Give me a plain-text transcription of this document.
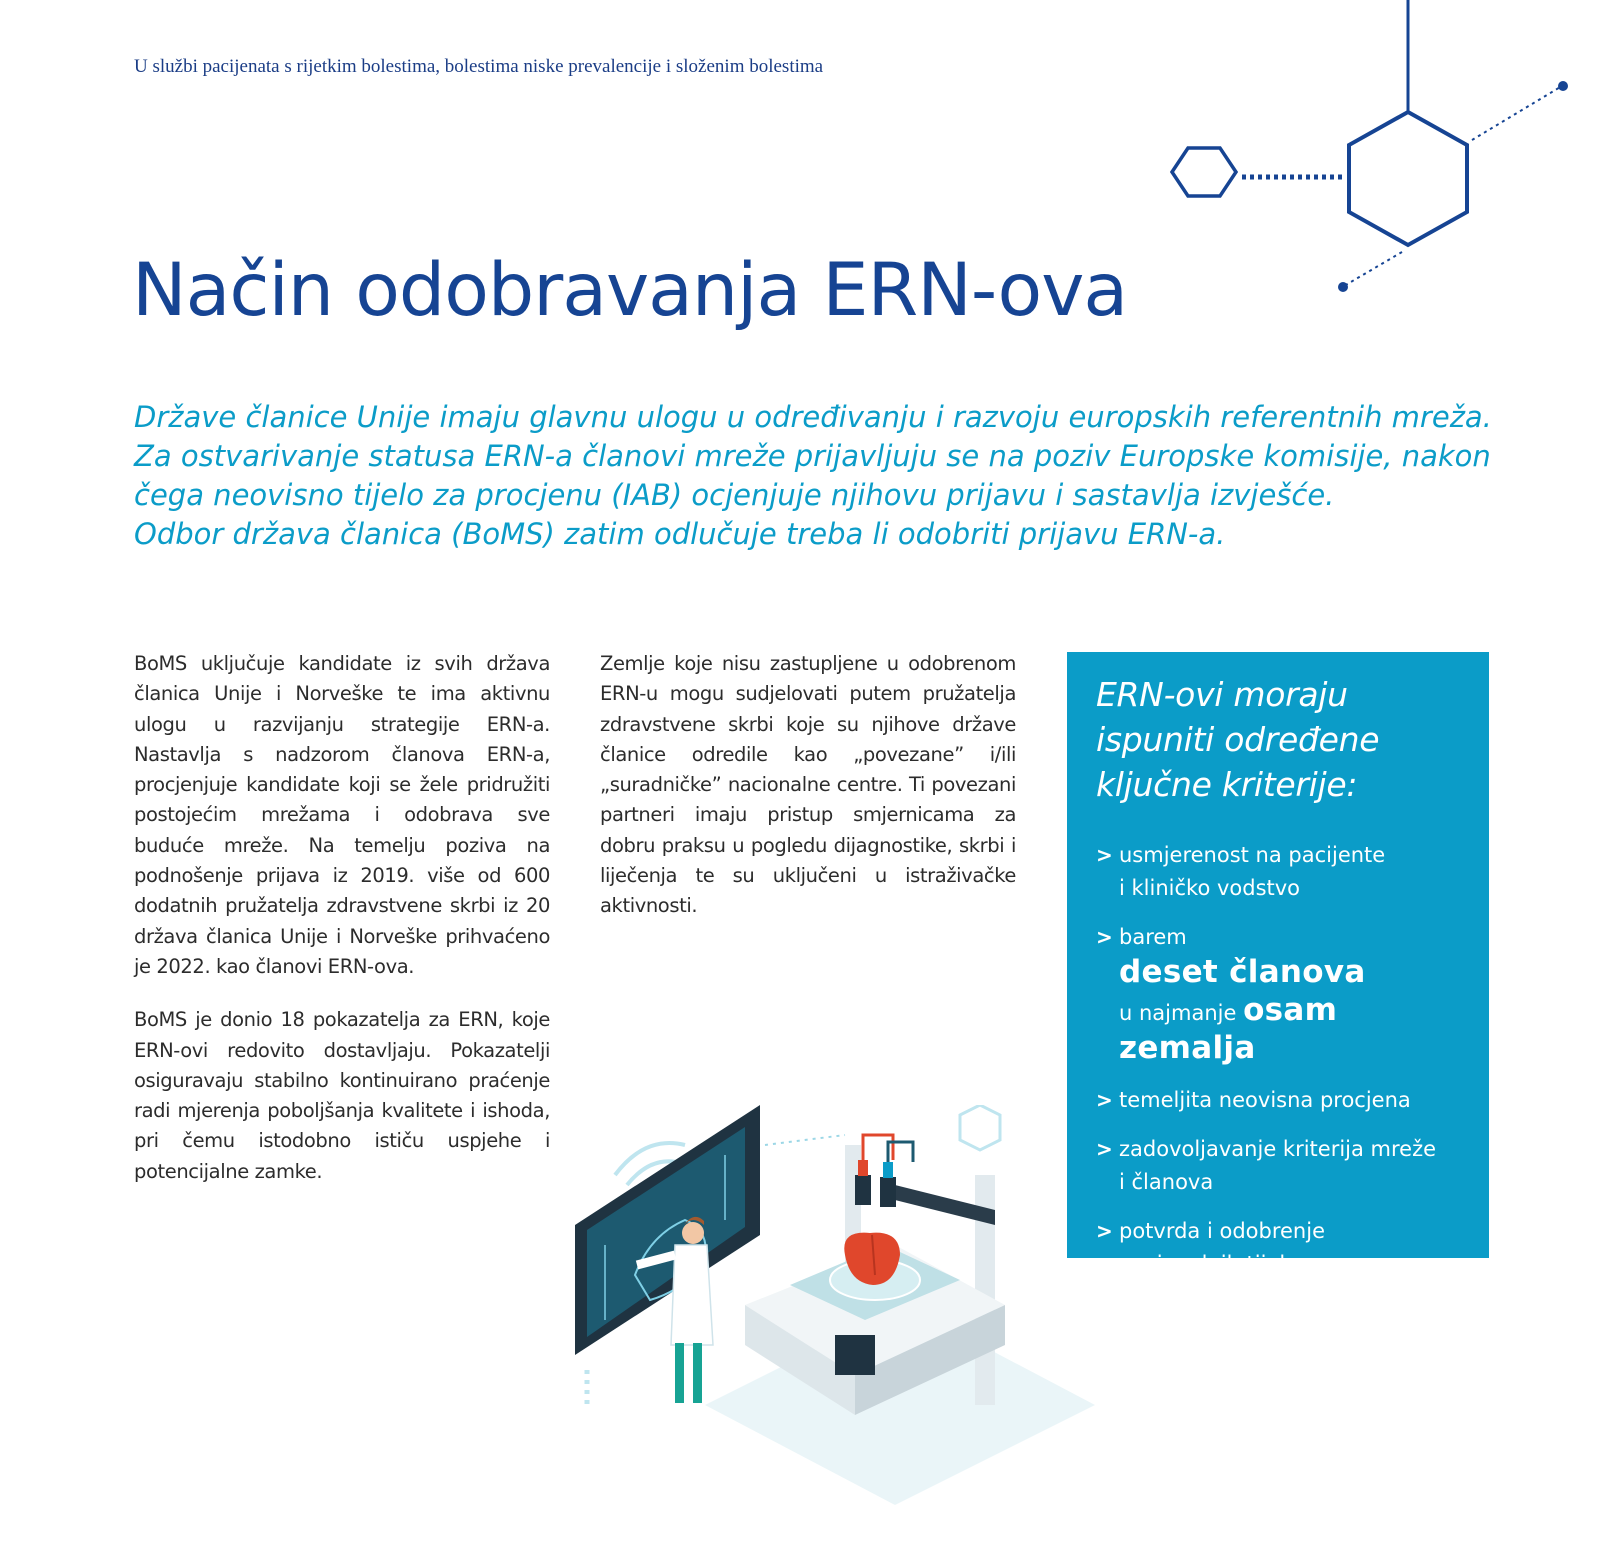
U službi pacijenata s rijetkim bolestima, bolestima niske prevalencije i složenim bolestima
Način odobravanja ERN-ova
Države članice Unije imaju glavnu ulogu u određivanju i razvoju europskih referentnih mreža.
Za ostvarivanje statusa ERN-a članovi mreže prijavljuju se na poziv Europske komisije, nakon
čega neovisno tijelo za procjenu (IAB) ocjenjuje njihovu prijavu i sastavlja izvješće.
Odbor država članica (BoMS) zatim odlučuje treba li odobriti prijavu ERN-a.

BoMS uključuje kandidate iz svih država članica Unije i Norveške te ima aktivnu ulogu u razvijanju strategije ERN-a. Nastavlja s nadzorom članova ERN-a, procjenjuje kandidate koji se žele pridružiti postojećim mrežama i odobrava sve buduće mreže. Na temelju poziva na podnošenje prijava iz 2019. više od 600 dodatnih pružatelja zdravstvene skrbi iz 20 država članica Unije i Norveške prihvaćeno je 2022. kao članovi ERN-ova.

BoMS je donio 18 pokazatelja za ERN, koje ERN-ovi redovito dostavljaju. Pokazatelji osiguravaju stabilno kontinuirano praćenje radi mjerenja poboljšanja kvalitete i ishoda, pri čemu istodobno ističu uspjehe i potencijalne zamke.

Zemlje koje nisu zastupljene u odobrenom ERN-u mogu sudjelovati putem pružatelja zdravstvene skrbi koje su njihove države članice odredile kao „povezane” i/ili „suradničke” nacionalne centre. Ti povezani partneri imaju pristup smjernicama za dobru praksu u pogledu dijagnostike, skrbi i liječenja te su uključeni u istraživačke aktivnosti.

ERN-ovi moraju
ispuniti određene
ključne kriterije:
> usmjerenost na pacijente
i kliničko vodstvo
> barem
deset članova
u najmanje osam zemalja
> temeljita neovisna procjena
> zadovoljavanje kriterija mreže
i članova
> potvrda i odobrenje
nacionalnih tijela.
